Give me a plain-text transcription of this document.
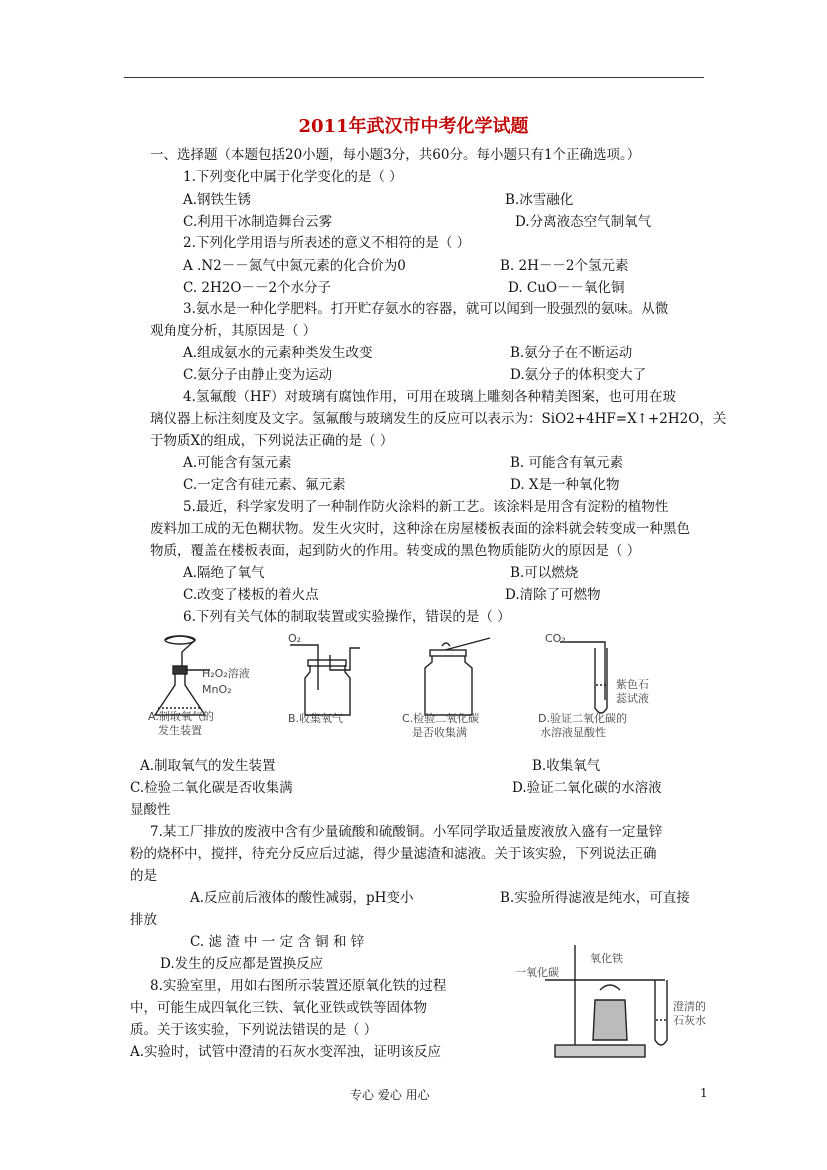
2011年武汉市中考化学试题
一、选择题（本题包括20小题，每小题3分，共60分。每小题只有1个正确选项。）
1.下列变化中属于化学变化的是（ ）
A.钢铁生锈	B.冰雪融化
C.利用干冰制造舞台云雾	D.分离液态空气制氧气
2.下列化学用语与所表述的意义不相符的是（ ）
A .N2－－氮气中氮元素的化合价为0	B. 2H－－2个氢元素
C. 2H2O－－2个水分子	D. CuO－－氧化铜
3.氨水是一种化学肥料。打开贮存氨水的容器，就可以闻到一股强烈的氨味。从微
观角度分析，其原因是（ ）
A.组成氨水的元素种类发生改变	B.氨分子在不断运动
C.氨分子由静止变为运动	D.氨分子的体积变大了
4.氢氟酸（HF）对玻璃有腐蚀作用，可用在玻璃上雕刻各种精美图案，也可用在玻
璃仪器上标注刻度及文字。氢氟酸与玻璃发生的反应可以表示为：SiO2+4HF=X↑+2H2O，关
于物质X的组成，下列说法正确的是（ ）
A.可能含有氢元素	B. 可能含有氧元素
C.一定含有硅元素、氟元素	D. X是一种氧化物
5.最近，科学家发明了一种制作防火涂料的新工艺。该涂料是用含有淀粉的植物性
废料加工成的无色糊状物。发生火灾时，这种涂在房屋楼板表面的涂料就会转变成一种黑色
物质，覆盖在楼板表面，起到防火的作用。转变成的黑色物质能防火的原因是（ ）
A.隔绝了氧气	B.可以燃烧
C.改变了楼板的着火点	D.清除了可燃物
6.下列有关气体的制取装置或实验操作，错误的是（ ）
A.制取氧气的发生装置	B.收集氧气
C.检验二氧化碳是否收集满	D.验证二氧化碳的水溶液
显酸性
7.某工厂排放的废液中含有少量硫酸和硫酸铜。小军同学取适量废液放入盛有一定量锌
粉的烧杯中，搅拌，待充分反应后过滤，得少量滤渣和滤液。关于该实验，下列说法正确
的是
A.反应前后液体的酸性减弱，pH变小	B.实验所得滤液是纯水，可直接
排放
C. 滤 渣 中 一 定 含 铜 和 锌
D.发生的反应都是置换反应
8.实验室里，用如右图所示装置还原氧化铁的过程
中，可能生成四氧化三铁、氧化亚铁或铁等固体物
质。关于该实验，下列说法错误的是（ ）
A.实验时，试管中澄清的石灰水变浑浊，证明该反应
H₂O₂溶液
MnO₂
A.制取氧气的
发生装置
O₂
B.收集氧气	C.检验二氧化碳
是否收集满
CO₂
紫色石
蕊试液
D.验证二氧化碳的
水溶液显酸性
一氧化碳
氧化铁
澄清的
石灰水
专心 爱心 用心	1
